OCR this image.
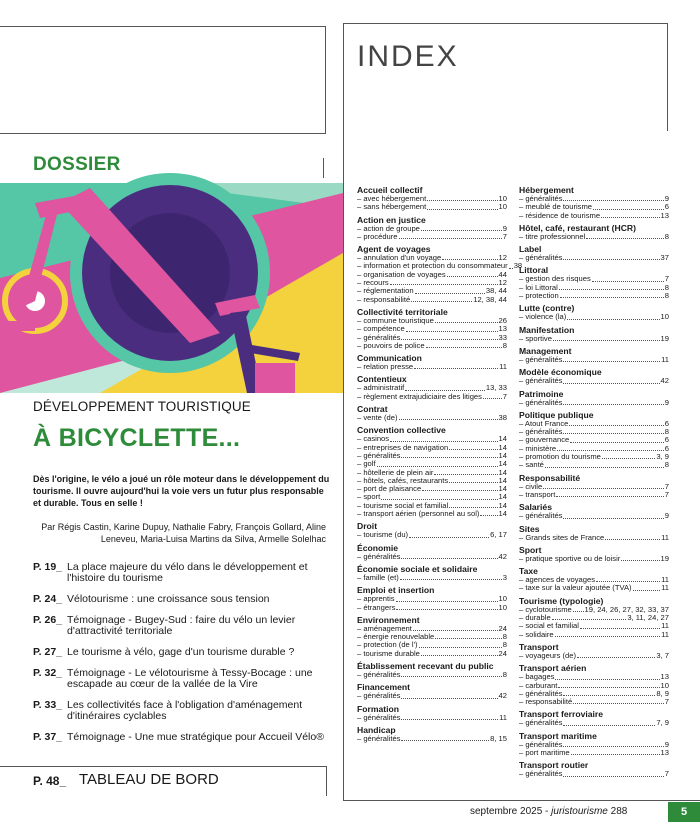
INDEX
DOSSIER
DÉVELOPPEMENT TOURISTIQUE
À BICYCLETTE...
Dès l'origine, le vélo a joué un rôle moteur dans le développement du tourisme. Il ouvre aujourd'hui la voie vers un futur plus responsable et durable. Tous en selle !
Par Régis Castin, Karine Dupuy, Nathalie Fabry, François Gollard, Aline Leneveu, Maria-Luisa Martins da Silva, Armelle Solelhac
P. 19_ La place majeure du vélo dans le développement et l'histoire du tourisme
P. 24_ Vélotourisme : une croissance sous tension
P. 26_ Témoignage - Bugey-Sud : faire du vélo un levier d'attractivité territoriale
P. 27_ Le tourisme à vélo, gage d'un tourisme durable ?
P. 32_ Témoignage - Le vélotourisme à Tessy-Bocage : une escapade au cœur de la vallée de la Vire
P. 33_ Les collectivités face à l'obligation d'aménagement d'itinéraires cyclables
P. 37_ Témoignage - Une mue stratégique pour Accueil Vélo®
P. 48_ TABLEAU DE BORD
Accueil collectif
– avec hébergement	10
– sans hébergement	10
Action en justice
– action de groupe	9
– procédure	7
Agent de voyages
– annulation d'un voyage	12
– information et protection du consommateur 38
– organisation de voyages	44
– recours	12
– réglementation	38, 44
– responsabilité	12, 38, 44
Collectivité territoriale
– commune touristique	26
– compétence	13
– généralités	33
– pouvoirs de police	8
Communication
– relation presse	11
Contentieux
– administratif	13, 33
– règlement extrajudiciaire des litiges	7
Contrat
– vente (de)	38
Convention collective
– casinos	14
– entreprises de navigation	14
– généralités	14
– golf	14
– hôtellerie de plein air	14
– hôtels, cafés, restaurants	14
– port de plaisance	14
– sport	14
– tourisme social et familial	14
– transport aérien (personnel au sol)	14
Droit
– tourisme (du)	6, 17
Économie
– généralités	42
Économie sociale et solidaire
– famille (et)	3
Emploi et insertion
– apprentis	10
– étrangers	10
Environnement
– aménagement	24
– énergie renouvelable	8
– protection (de l')	8
– tourisme durable	24
Établissement recevant du public
– généralités	8
Financement
– généralités	42
Formation
– généralités	11
Handicap
– généralités	8, 15
Hébergement
– généralités	9
– meublé de tourisme	6
– résidence de tourisme	13
Hôtel, café, restaurant (HCR)
– titre professionnel	8
Label
– généralités	37
Littoral
– gestion des risques	7
– loi Littoral	8
– protection	8
Lutte (contre)
– violence (la)	10
Manifestation
– sportive	19
Management
– généralités	11
Modèle économique
– généralités	42
Patrimoine
– généralités	9
Politique publique
– Atout France	6
– généralités	8
– gouvernance	6
– ministère	6
– promotion du tourisme	3, 9
– santé	8
Responsabilité
– civile	7
– transport	7
Salariés
– généralités	9
Sites
– Grands sites de France	11
Sport
– pratique sportive ou de loisir	19
Taxe
– agences de voyages	11
– taxe sur la valeur ajoutée (TVA)	11
Tourisme (typologie)
– cyclotourisme 19, 24, 26, 27, 32, 33, 37
– durable	3, 11, 24, 27
– social et familial	11
– solidaire	11
Transport
– voyageurs (de)	3, 7
Transport aérien
– bagages	13
– carburant	10
– généralités	8, 9
– responsabilité	7
Transport ferroviaire
– généralités	7, 9
Transport maritime
– généralités	9
– port maritime	13
Transport routier
– généralités	7
septembre 2025 - juristourisme 288	5
